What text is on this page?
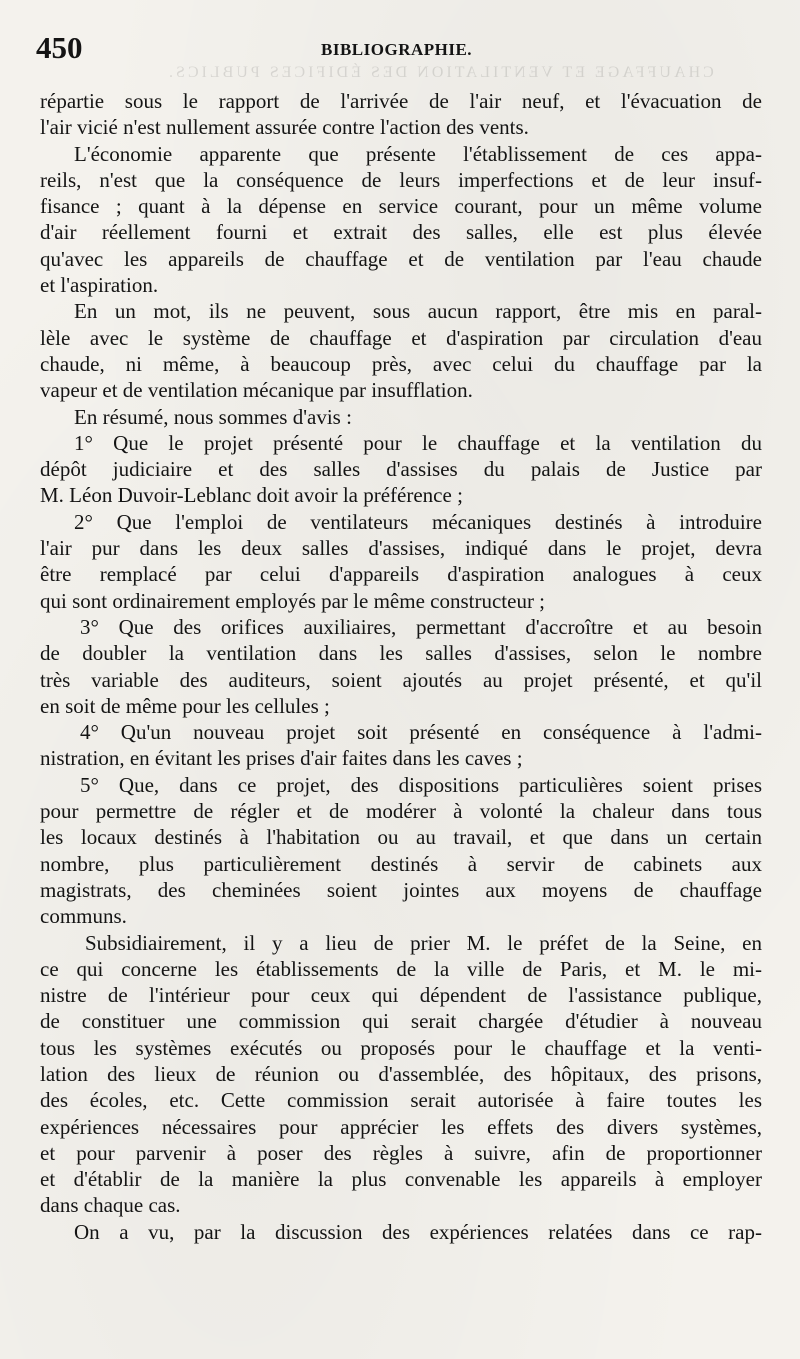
450	BIBLIOGRAPHIE.
CHAUFFAGE ET VENTILATION DES ÉDIFICES PUBLICS.
répartie sous le rapport de l'arrivée de l'air neuf, et l'évacuation de
l'air vicié n'est nullement assurée contre l'action des vents.
L'économie apparente que présente l'établissement de ces appa-
reils, n'est que la conséquence de leurs imperfections et de leur insuf-
fisance ; quant à la dépense en service courant, pour un même volume
d'air réellement fourni et extrait des salles, elle est plus élevée
qu'avec les appareils de chauffage et de ventilation par l'eau chaude
et l'aspiration.
En un mot, ils ne peuvent, sous aucun rapport, être mis en paral-
lèle avec le système de chauffage et d'aspiration par circulation d'eau
chaude, ni même, à beaucoup près, avec celui du chauffage par la
vapeur et de ventilation mécanique par insufflation.
En résumé, nous sommes d'avis :
1° Que le projet présenté pour le chauffage et la ventilation du
dépôt judiciaire et des salles d'assises du palais de Justice par
M. Léon Duvoir-Leblanc doit avoir la préférence ;
2° Que l'emploi de ventilateurs mécaniques destinés à introduire
l'air pur dans les deux salles d'assises, indiqué dans le projet, devra
être remplacé par celui d'appareils d'aspiration analogues à ceux
qui sont ordinairement employés par le même constructeur ;
3° Que des orifices auxiliaires, permettant d'accroître et au besoin
de doubler la ventilation dans les salles d'assises, selon le nombre
très variable des auditeurs, soient ajoutés au projet présenté, et qu'il
en soit de même pour les cellules ;
4° Qu'un nouveau projet soit présenté en conséquence à l'admi-
nistration, en évitant les prises d'air faites dans les caves ;
5° Que, dans ce projet, des dispositions particulières soient prises
pour permettre de régler et de modérer à volonté la chaleur dans tous
les locaux destinés à l'habitation ou au travail, et que dans un certain
nombre, plus particulièrement destinés à servir de cabinets aux
magistrats, des cheminées soient jointes aux moyens de chauffage
communs.
Subsidiairement, il y a lieu de prier M. le préfet de la Seine, en
ce qui concerne les établissements de la ville de Paris, et M. le mi-
nistre de l'intérieur pour ceux qui dépendent de l'assistance publique,
de constituer une commission qui serait chargée d'étudier à nouveau
tous les systèmes exécutés ou proposés pour le chauffage et la venti-
lation des lieux de réunion ou d'assemblée, des hôpitaux, des prisons,
des écoles, etc. Cette commission serait autorisée à faire toutes les
expériences nécessaires pour apprécier les effets des divers systèmes,
et pour parvenir à poser des règles à suivre, afin de proportionner
et d'établir de la manière la plus convenable les appareils à employer
dans chaque cas.
On a vu, par la discussion des expériences relatées dans ce rap-
